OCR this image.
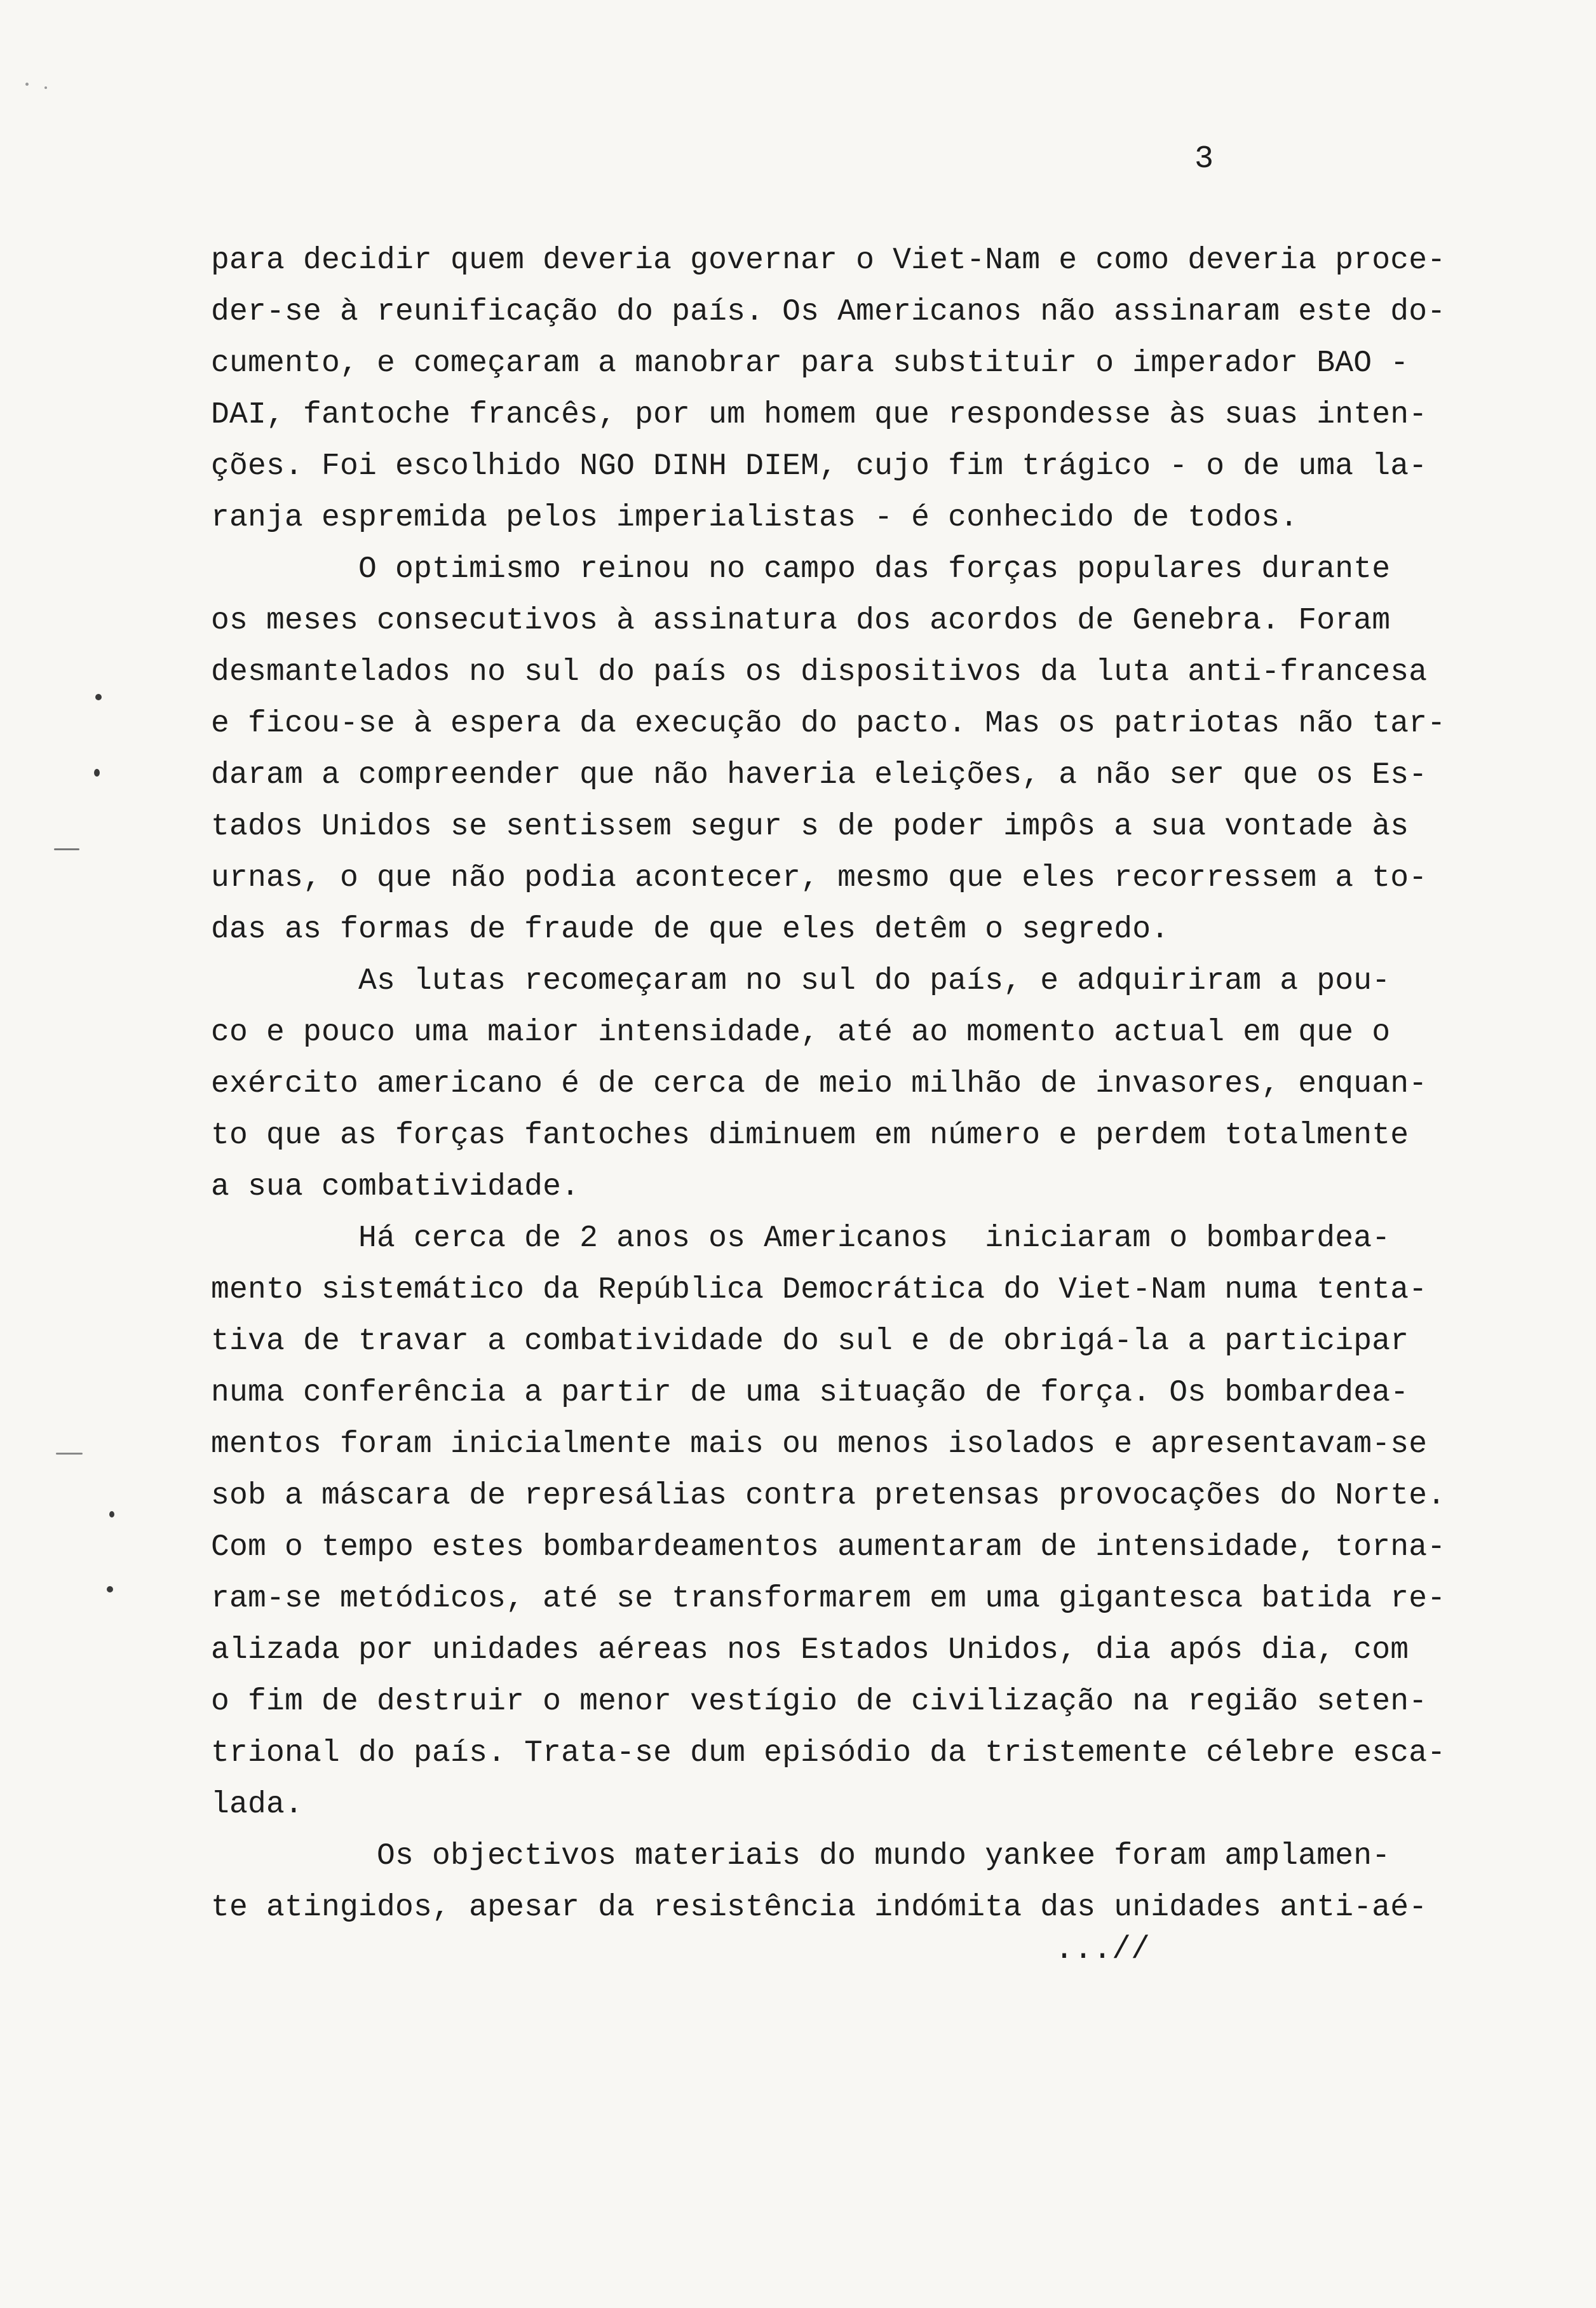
3
para decidir quem deveria governar o Viet-Nam e como deveria proce-
der-se à reunificação do país. Os Americanos não assinaram este do-
cumento, e começaram a manobrar para substituir o imperador BAO -
DAI, fantoche francês, por um homem que respondesse às suas inten-
ções. Foi escolhido NGO DINH DIEM, cujo fim trágico - o de uma la-
ranja espremida pelos imperialistas - é conhecido de todos.
O optimismo reinou no campo das forças populares durante
os meses consecutivos à assinatura dos acordos de Genebra. Foram
desmantelados no sul do país os dispositivos da luta anti-francesa
e ficou-se à espera da execução do pacto. Mas os patriotas não tar-
daram a compreender que não haveria eleições, a não ser que os Es-
tados Unidos se sentissem segur s de poder impôs a sua vontade às
urnas, o que não podia acontecer, mesmo que eles recorressem a to-
das as formas de fraude de que eles detêm o segredo.
As lutas recomeçaram no sul do país, e adquiriram a pou-
co e pouco uma maior intensidade, até ao momento actual em que o
exército americano é de cerca de meio milhão de invasores, enquan-
to que as forças fantoches diminuem em número e perdem totalmente
a sua combatividade.
Há cerca de 2 anos os Americanos  iniciaram o bombardea-
mento sistemático da República Democrática do Viet-Nam numa tenta-
tiva de travar a combatividade do sul e de obrigá-la a participar
numa conferência a partir de uma situação de força. Os bombardea-
mentos foram inicialmente mais ou menos isolados e apresentavam-se
sob a máscara de represálias contra pretensas provocações do Norte.
Com o tempo estes bombardeamentos aumentaram de intensidade, torna-
ram-se metódicos, até se transformarem em uma gigantesca batida re-
alizada por unidades aéreas nos Estados Unidos, dia após dia, com
o fim de destruir o menor vestígio de civilização na região seten-
trional do país. Trata-se dum episódio da tristemente célebre esca-
lada.
Os objectivos materiais do mundo yankee foram amplamen-
te atingidos, apesar da resistência indómita das unidades anti-aé-
...//
